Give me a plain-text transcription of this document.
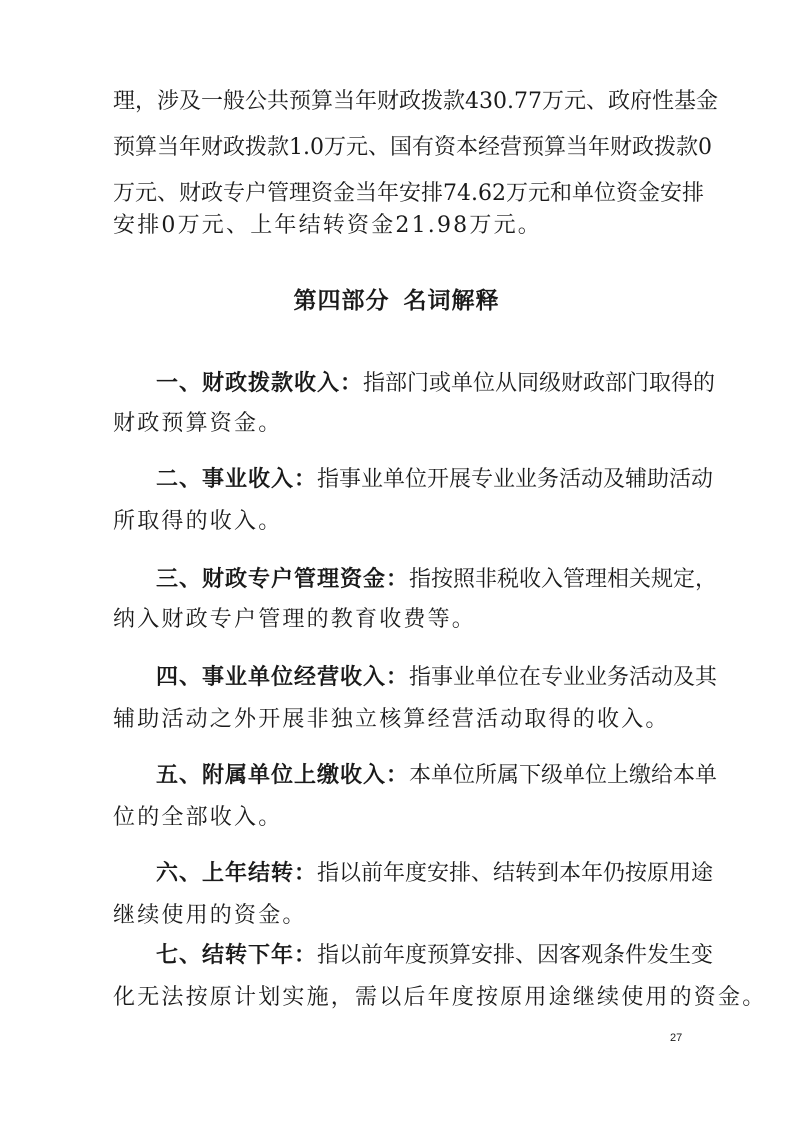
理，涉及一般公共预算当年财政拨款430.77万元、政府性基金
预算当年财政拨款1.0万元、国有资本经营预算当年财政拨款0
万元、财政专户管理资金当年安排74.62万元和单位资金安排
安排0万元、上年结转资金21.98万元。
第四部分 名词解释
一、财政拨款收入：指部门或单位从同级财政部门取得的
财政预算资金。
二、事业收入：指事业单位开展专业业务活动及辅助活动
所取得的收入。
三、财政专户管理资金：指按照非税收入管理相关规定，
纳入财政专户管理的教育收费等。
四、事业单位经营收入：指事业单位在专业业务活动及其
辅助活动之外开展非独立核算经营活动取得的收入。
五、附属单位上缴收入：本单位所属下级单位上缴给本单
位的全部收入。
六、上年结转：指以前年度安排、结转到本年仍按原用途
继续使用的资金。
七、结转下年：指以前年度预算安排、因客观条件发生变
化无法按原计划实施，需以后年度按原用途继续使用的资金。
27
